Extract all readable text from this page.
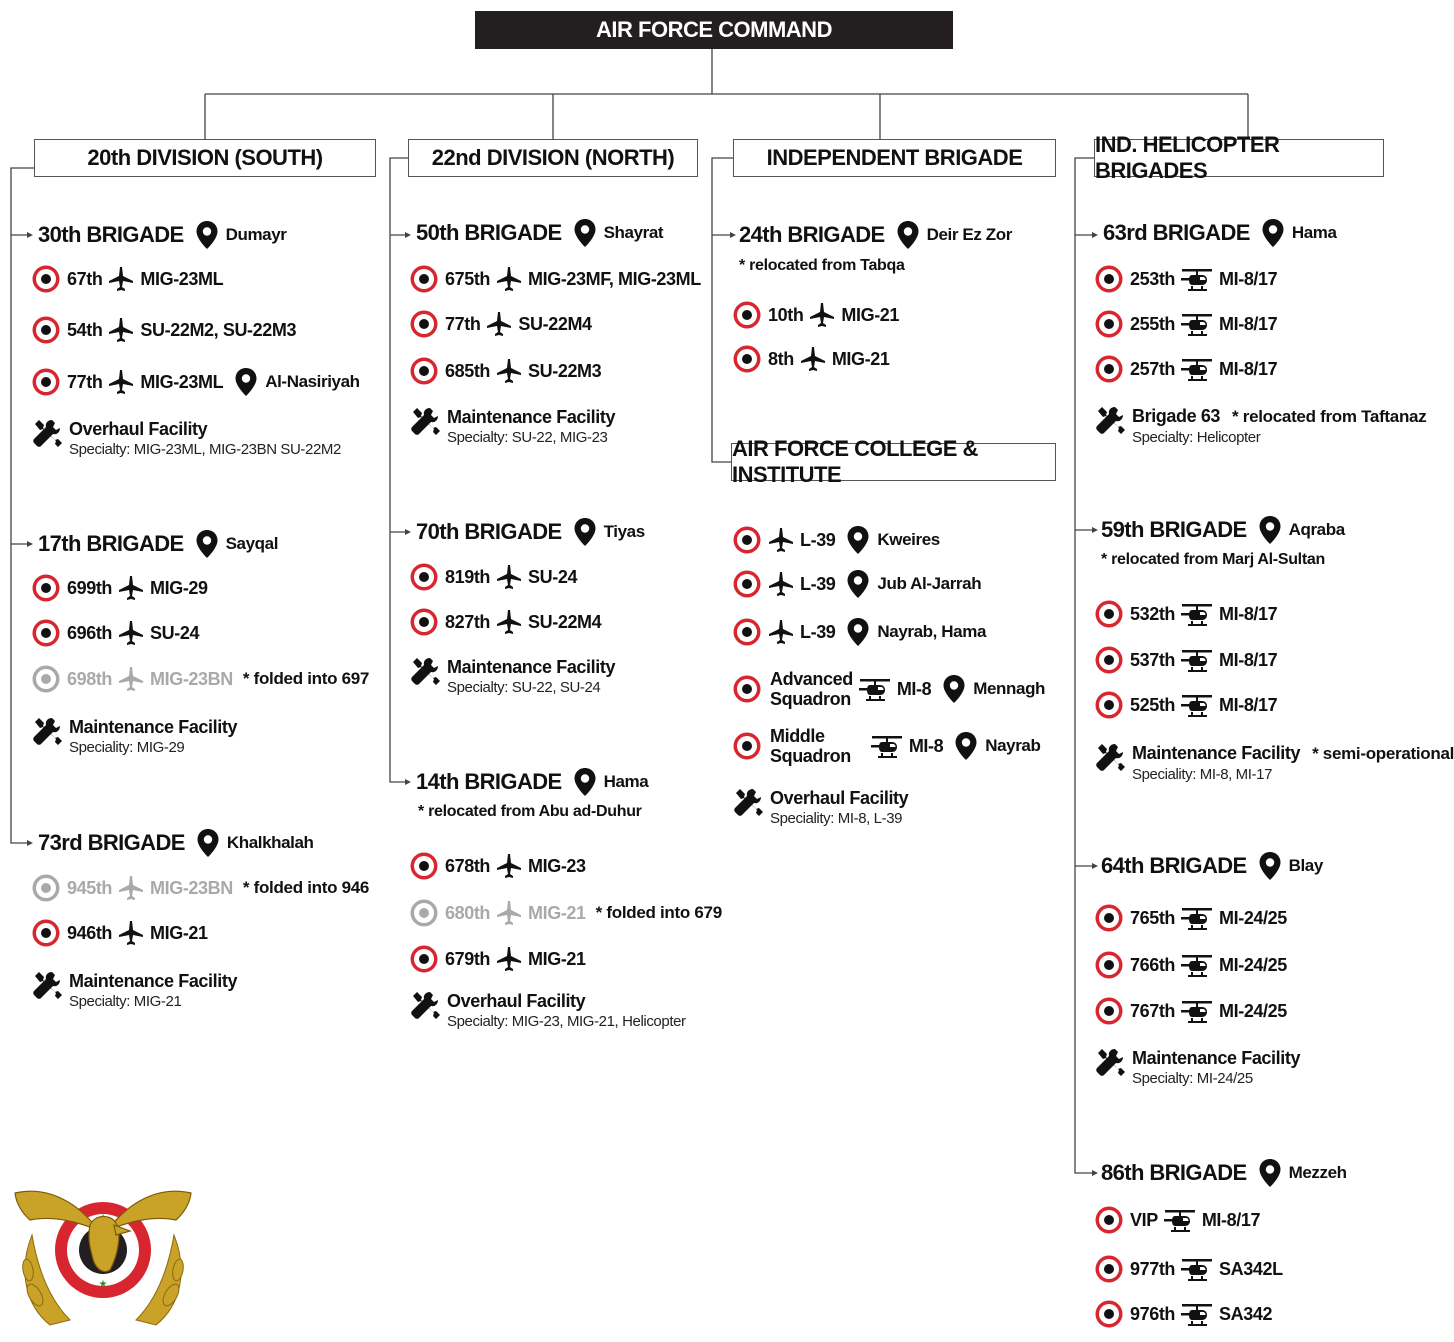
AIR FORCE COMMAND
20th DIVISION (SOUTH)	22nd DIVISION (NORTH)	INDEPENDENT BRIGADE
IND. HELICOPTER BRIGADES
AIR FORCE COLLEGE & INSTITUTE
30th BRIGADE Dumayr
67th MIG-23ML
54th SU-22M2, SU-22M3
77th MIG-23ML Al-Nasiriyah
Overhaul Facility
Specialty: MIG-23ML, MIG-23BN SU-22M2
17th BRIGADE Sayqal
699th MIG-29
696th SU-24
698th MIG-23BN * folded into 697
Maintenance Facility
Speciality: MIG-29
73rd BRIGADE Khalkhalah
945th MIG-23BN * folded into 946
946th MIG-21
Maintenance Facility
Specialty: MIG-21
50th BRIGADE Shayrat
675th MIG-23MF, MIG-23ML
77th SU-22M4
685th SU-22M3
Maintenance Facility
Specialty: SU-22, MIG-23
70th BRIGADE Tiyas
819th SU-24
827th SU-22M4
Maintenance Facility
Specialty: SU-22, SU-24
14th BRIGADE Hama
* relocated from Abu ad-Duhur
678th MIG-23
680th MIG-21 * folded into 679
679th MIG-21
Overhaul Facility
Specialty: MIG-23, MIG-21, Helicopter
24th BRIGADE Deir Ez Zor
* relocated from Tabqa
10th MIG-21
8th MIG-21
L-39 Kweires
L-39 Jub Al-Jarrah
L-39 Nayrab, Hama
Advanced
Squadron
MI-8 Mennagh
Middle
Squadron
MI-8 Nayrab
Overhaul Facility
Speciality: MI-8, L-39
63rd BRIGADE Hama
253th MI-8/17
255th MI-8/17
257th MI-8/17
Brigade 63 * relocated from Taftanaz
Specialty: Helicopter
59th BRIGADE Aqraba
* relocated from Marj Al-Sultan
532th MI-8/17
537th MI-8/17
525th MI-8/17
Maintenance Facility * semi-operational
Speciality: MI-8, MI-17
64th BRIGADE Blay
765th MI-24/25
766th MI-24/25
767th MI-24/25
Maintenance Facility
Specialty: MI-24/25
86th BRIGADE Mezzeh
VIP MI-8/17
977th SA342L
976th SA342
★
